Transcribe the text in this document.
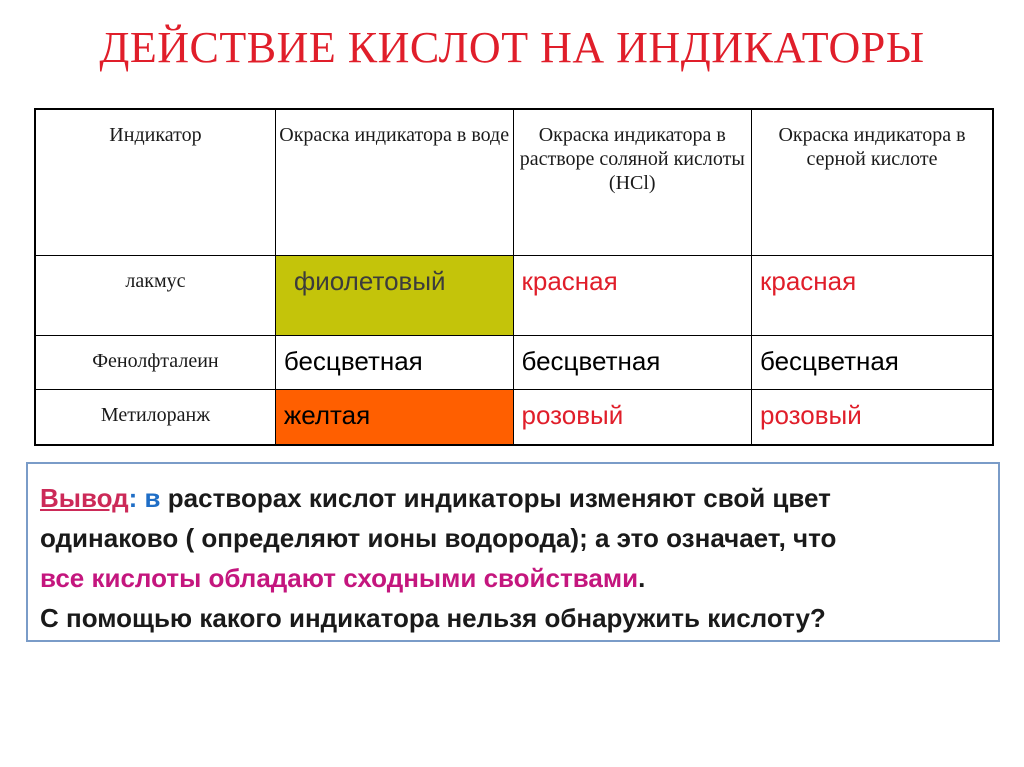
ДЕЙСТВИЕ КИСЛОТ НА ИНДИКАТОРЫ
Индикатор	Окраска индикатора в воде	Окраска индикатора в растворе соляной кислоты (HCl)	Окраска индикатора в серной кислоте
лакмус	фиолетовый	красная	красная
Фенолфталеин	бесцветная	бесцветная	бесцветная
Метилоранж	желтая	розовый	розовый
Вывод: в растворах кислот индикаторы изменяют свой цвет
одинаково ( определяют ионы водорода); а это означает, что
все кислоты обладают сходными свойствами.
С помощью какого индикатора нельзя обнаружить кислоту?
